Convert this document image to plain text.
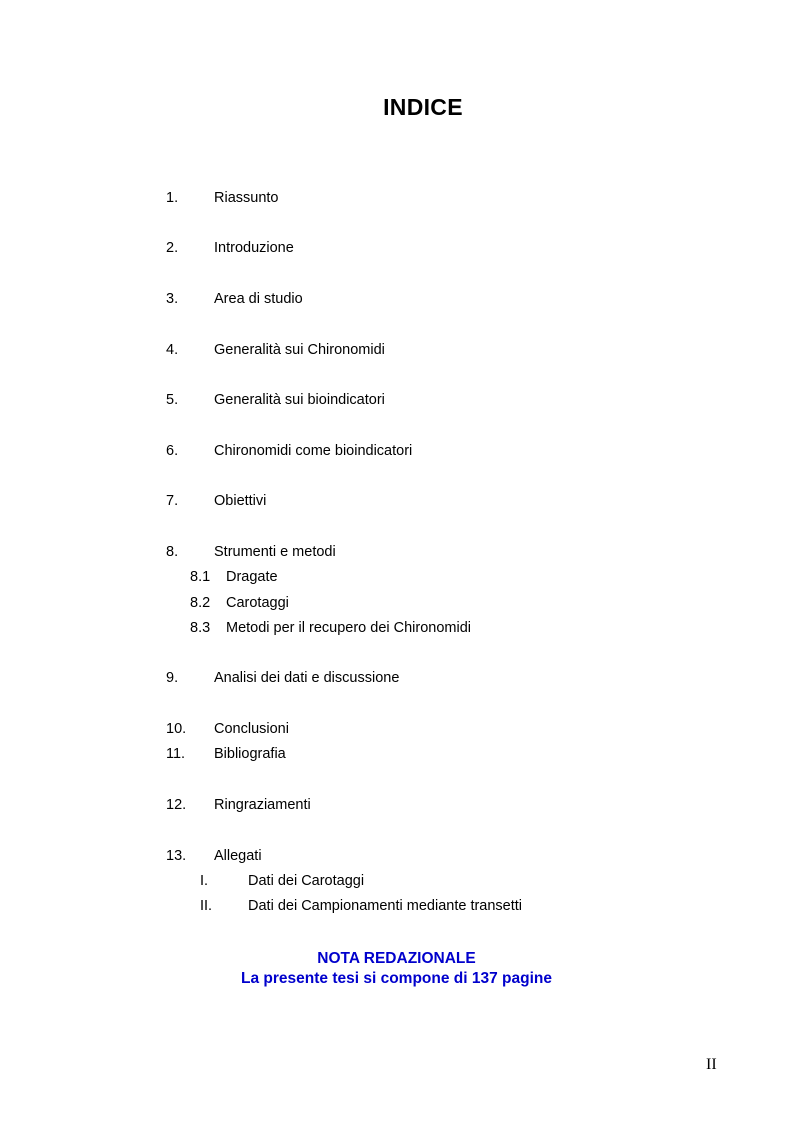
INDICE
1. Riassunto
2. Introduzione
3. Area di studio
4. Generalità sui Chironomidi
5. Generalità sui bioindicatori
6. Chironomidi come bioindicatori
7. Obiettivi
8. Strumenti e metodi
8.1 Dragate
8.2 Carotaggi
8.3 Metodi per il recupero dei Chironomidi
9. Analisi dei dati e discussione
10. Conclusioni
11. Bibliografia
12. Ringraziamenti
13. Allegati
I.	Dati dei Carotaggi
II. Dati dei Campionamenti mediante transetti
NOTA REDAZIONALE
La presente tesi si compone di 137 pagine
II
